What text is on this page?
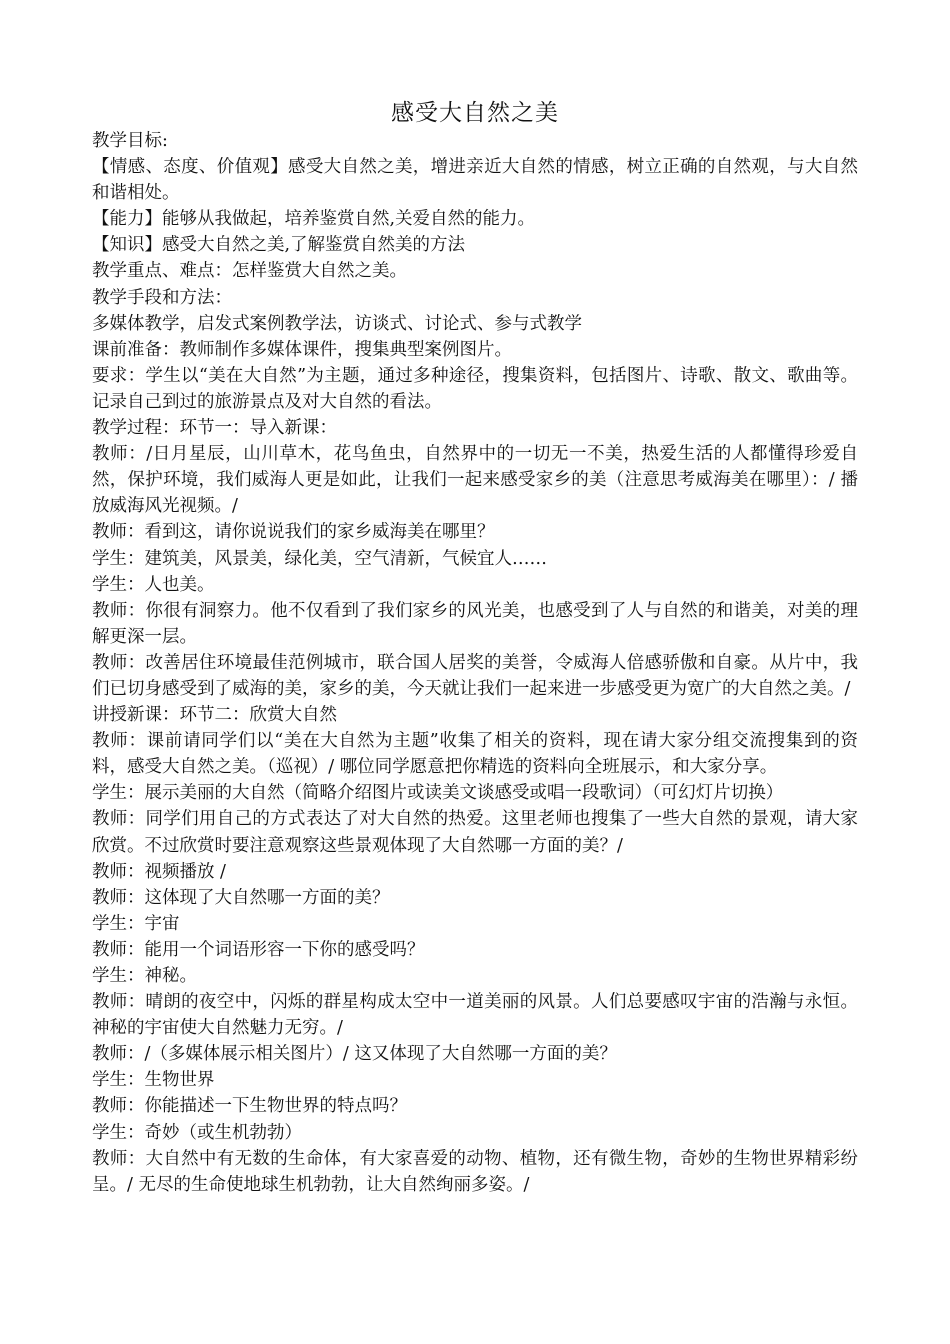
感受大自然之美

教学目标:

【情感、态度、价值观】感受大自然之美，增进亲近大自然的情感，树立正确的自然观，与大自然和谐相处。

【能力】能够从我做起，培养鉴赏自然,关爱自然的能力。

【知识】感受大自然之美,了解鉴赏自然美的方法

教学重点、难点：怎样鉴赏大自然之美。

教学手段和方法：

多媒体教学，启发式案例教学法，访谈式、讨论式、参与式教学

课前准备：教师制作多媒体课件，搜集典型案例图片。

要求：学生以“美在大自然”为主题，通过多种途径，搜集资料，包括图片、诗歌、散文、歌曲等。记录自己到过的旅游景点及对大自然的看法。

教学过程：环节一：导入新课：

教师：/日月星辰，山川草木，花鸟鱼虫，自然界中的一切无一不美，热爱生活的人都懂得珍爱自然，保护环境，我们威海人更是如此，让我们一起来感受家乡的美（注意思考威海美在哪里）：/ 播放威海风光视频。/

教师：看到这，请你说说我们的家乡威海美在哪里？

学生：建筑美，风景美，绿化美，空气清新，气候宜人……

学生：人也美。

教师：你很有洞察力。他不仅看到了我们家乡的风光美，也感受到了人与自然的和谐美，对美的理解更深一层。

教师：改善居住环境最佳范例城市，联合国人居奖的美誉，令威海人倍感骄傲和自豪。从片中，我们已切身感受到了威海的美，家乡的美，今天就让我们一起来进一步感受更为宽广的大自然之美。/

讲授新课：环节二：欣赏大自然

教师：课前请同学们以“美在大自然为主题”收集了相关的资料，现在请大家分组交流搜集到的资料，感受大自然之美。（巡视）/ 哪位同学愿意把你精选的资料向全班展示，和大家分享。

学生：展示美丽的大自然（简略介绍图片或读美文谈感受或唱一段歌词）（可幻灯片切换）

教师：同学们用自己的方式表达了对大自然的热爱。这里老师也搜集了一些大自然的景观，请大家欣赏。不过欣赏时要注意观察这些景观体现了大自然哪一方面的美？/

教师：视频播放 /

教师：这体现了大自然哪一方面的美？

学生：宇宙

教师：能用一个词语形容一下你的感受吗？

学生：神秘。

教师：晴朗的夜空中，闪烁的群星构成太空中一道美丽的风景。人们总要感叹宇宙的浩瀚与永恒。神秘的宇宙使大自然魅力无穷。/

教师：/（多媒体展示相关图片）/ 这又体现了大自然哪一方面的美？

学生：生物世界

教师：你能描述一下生物世界的特点吗？

学生：奇妙（或生机勃勃）

教师：大自然中有无数的生命体，有大家喜爱的动物、植物，还有微生物，奇妙的生物世界精彩纷呈。/ 无尽的生命使地球生机勃勃，让大自然绚丽多姿。/
